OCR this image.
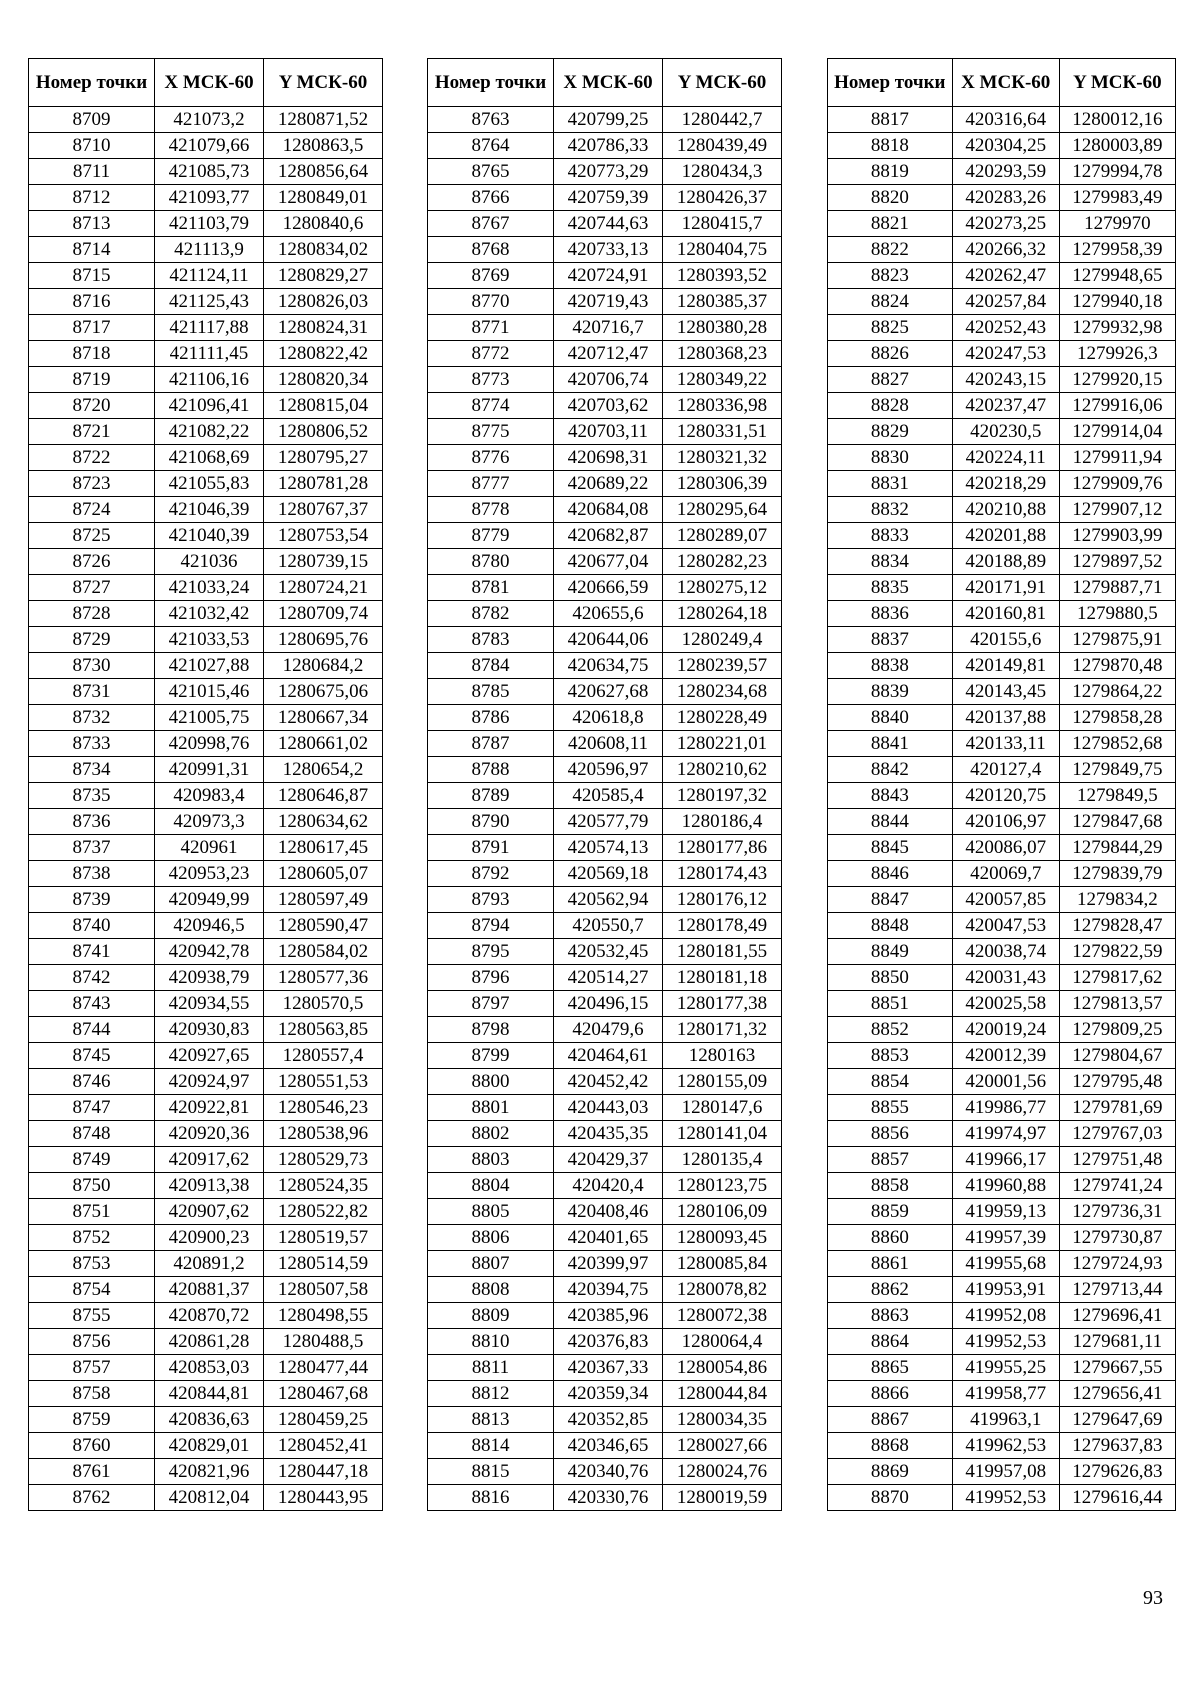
Номер точки	X МСК-60	Y МСК-60
8709	421073,2	1280871,52
8710	421079,66	1280863,5
8711	421085,73	1280856,64
8712	421093,77	1280849,01
8713	421103,79	1280840,6
8714	421113,9	1280834,02
8715	421124,11	1280829,27
8716	421125,43	1280826,03
8717	421117,88	1280824,31
8718	421111,45	1280822,42
8719	421106,16	1280820,34
8720	421096,41	1280815,04
8721	421082,22	1280806,52
8722	421068,69	1280795,27
8723	421055,83	1280781,28
8724	421046,39	1280767,37
8725	421040,39	1280753,54
8726	421036	1280739,15
8727	421033,24	1280724,21
8728	421032,42	1280709,74
8729	421033,53	1280695,76
8730	421027,88	1280684,2
8731	421015,46	1280675,06
8732	421005,75	1280667,34
8733	420998,76	1280661,02
8734	420991,31	1280654,2
8735	420983,4	1280646,87
8736	420973,3	1280634,62
8737	420961	1280617,45
8738	420953,23	1280605,07
8739	420949,99	1280597,49
8740	420946,5	1280590,47
8741	420942,78	1280584,02
8742	420938,79	1280577,36
8743	420934,55	1280570,5
8744	420930,83	1280563,85
8745	420927,65	1280557,4
8746	420924,97	1280551,53
8747	420922,81	1280546,23
8748	420920,36	1280538,96
8749	420917,62	1280529,73
8750	420913,38	1280524,35
8751	420907,62	1280522,82
8752	420900,23	1280519,57
8753	420891,2	1280514,59
8754	420881,37	1280507,58
8755	420870,72	1280498,55
8756	420861,28	1280488,5
8757	420853,03	1280477,44
8758	420844,81	1280467,68
8759	420836,63	1280459,25
8760	420829,01	1280452,41
8761	420821,96	1280447,18
8762	420812,04	1280443,95
Номер точки	X МСК-60	Y МСК-60
8763	420799,25	1280442,7
8764	420786,33	1280439,49
8765	420773,29	1280434,3
8766	420759,39	1280426,37
8767	420744,63	1280415,7
8768	420733,13	1280404,75
8769	420724,91	1280393,52
8770	420719,43	1280385,37
8771	420716,7	1280380,28
8772	420712,47	1280368,23
8773	420706,74	1280349,22
8774	420703,62	1280336,98
8775	420703,11	1280331,51
8776	420698,31	1280321,32
8777	420689,22	1280306,39
8778	420684,08	1280295,64
8779	420682,87	1280289,07
8780	420677,04	1280282,23
8781	420666,59	1280275,12
8782	420655,6	1280264,18
8783	420644,06	1280249,4
8784	420634,75	1280239,57
8785	420627,68	1280234,68
8786	420618,8	1280228,49
8787	420608,11	1280221,01
8788	420596,97	1280210,62
8789	420585,4	1280197,32
8790	420577,79	1280186,4
8791	420574,13	1280177,86
8792	420569,18	1280174,43
8793	420562,94	1280176,12
8794	420550,7	1280178,49
8795	420532,45	1280181,55
8796	420514,27	1280181,18
8797	420496,15	1280177,38
8798	420479,6	1280171,32
8799	420464,61	1280163
8800	420452,42	1280155,09
8801	420443,03	1280147,6
8802	420435,35	1280141,04
8803	420429,37	1280135,4
8804	420420,4	1280123,75
8805	420408,46	1280106,09
8806	420401,65	1280093,45
8807	420399,97	1280085,84
8808	420394,75	1280078,82
8809	420385,96	1280072,38
8810	420376,83	1280064,4
8811	420367,33	1280054,86
8812	420359,34	1280044,84
8813	420352,85	1280034,35
8814	420346,65	1280027,66
8815	420340,76	1280024,76
8816	420330,76	1280019,59
Номер точки	X МСК-60	Y МСК-60
8817	420316,64	1280012,16
8818	420304,25	1280003,89
8819	420293,59	1279994,78
8820	420283,26	1279983,49
8821	420273,25	1279970
8822	420266,32	1279958,39
8823	420262,47	1279948,65
8824	420257,84	1279940,18
8825	420252,43	1279932,98
8826	420247,53	1279926,3
8827	420243,15	1279920,15
8828	420237,47	1279916,06
8829	420230,5	1279914,04
8830	420224,11	1279911,94
8831	420218,29	1279909,76
8832	420210,88	1279907,12
8833	420201,88	1279903,99
8834	420188,89	1279897,52
8835	420171,91	1279887,71
8836	420160,81	1279880,5
8837	420155,6	1279875,91
8838	420149,81	1279870,48
8839	420143,45	1279864,22
8840	420137,88	1279858,28
8841	420133,11	1279852,68
8842	420127,4	1279849,75
8843	420120,75	1279849,5
8844	420106,97	1279847,68
8845	420086,07	1279844,29
8846	420069,7	1279839,79
8847	420057,85	1279834,2
8848	420047,53	1279828,47
8849	420038,74	1279822,59
8850	420031,43	1279817,62
8851	420025,58	1279813,57
8852	420019,24	1279809,25
8853	420012,39	1279804,67
8854	420001,56	1279795,48
8855	419986,77	1279781,69
8856	419974,97	1279767,03
8857	419966,17	1279751,48
8858	419960,88	1279741,24
8859	419959,13	1279736,31
8860	419957,39	1279730,87
8861	419955,68	1279724,93
8862	419953,91	1279713,44
8863	419952,08	1279696,41
8864	419952,53	1279681,11
8865	419955,25	1279667,55
8866	419958,77	1279656,41
8867	419963,1	1279647,69
8868	419962,53	1279637,83
8869	419957,08	1279626,83
8870	419952,53	1279616,44
93
